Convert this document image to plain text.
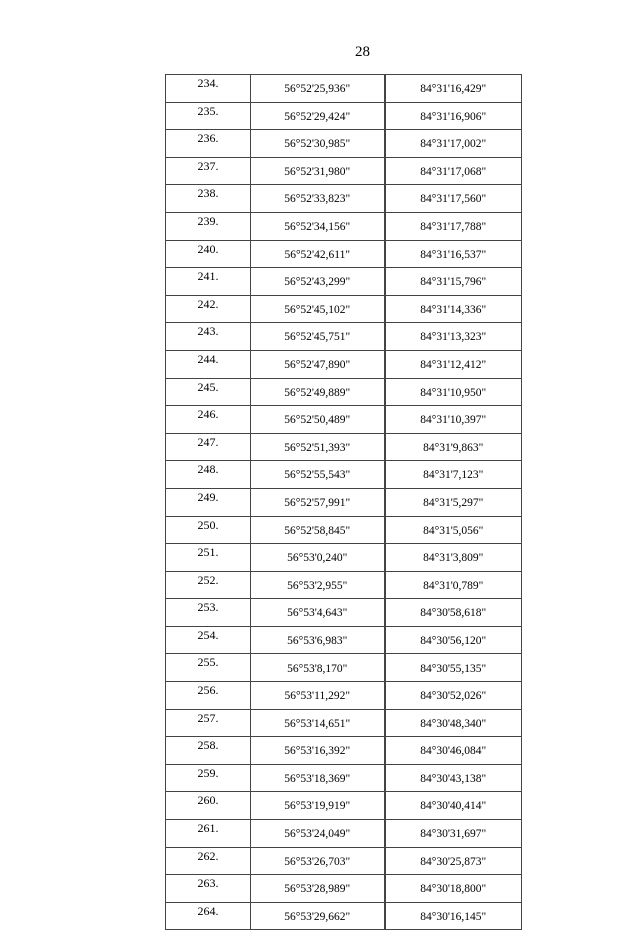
28
234.	56°52'25,936"	84°31'16,429"
235.	56°52'29,424"	84°31'16,906"
236.	56°52'30,985"	84°31'17,002"
237.	56°52'31,980"	84°31'17,068"
238.	56°52'33,823"	84°31'17,560"
239.	56°52'34,156"	84°31'17,788"
240.	56°52'42,611"	84°31'16,537"
241.	56°52'43,299"	84°31'15,796"
242.	56°52'45,102"	84°31'14,336"
243.	56°52'45,751"	84°31'13,323"
244.	56°52'47,890"	84°31'12,412"
245.	56°52'49,889"	84°31'10,950"
246.	56°52'50,489"	84°31'10,397"
247.	56°52'51,393"	84°31'9,863"
248.	56°52'55,543"	84°31'7,123"
249.	56°52'57,991"	84°31'5,297"
250.	56°52'58,845"	84°31'5,056"
251.	56°53'0,240"	84°31'3,809"
252.	56°53'2,955"	84°31'0,789"
253.	56°53'4,643"	84°30'58,618"
254.	56°53'6,983"	84°30'56,120"
255.	56°53'8,170"	84°30'55,135"
256.	56°53'11,292"	84°30'52,026"
257.	56°53'14,651"	84°30'48,340"
258.	56°53'16,392"	84°30'46,084"
259.	56°53'18,369"	84°30'43,138"
260.	56°53'19,919"	84°30'40,414"
261.	56°53'24,049"	84°30'31,697"
262.	56°53'26,703"	84°30'25,873"
263.	56°53'28,989"	84°30'18,800"
264.	56°53'29,662"	84°30'16,145"
